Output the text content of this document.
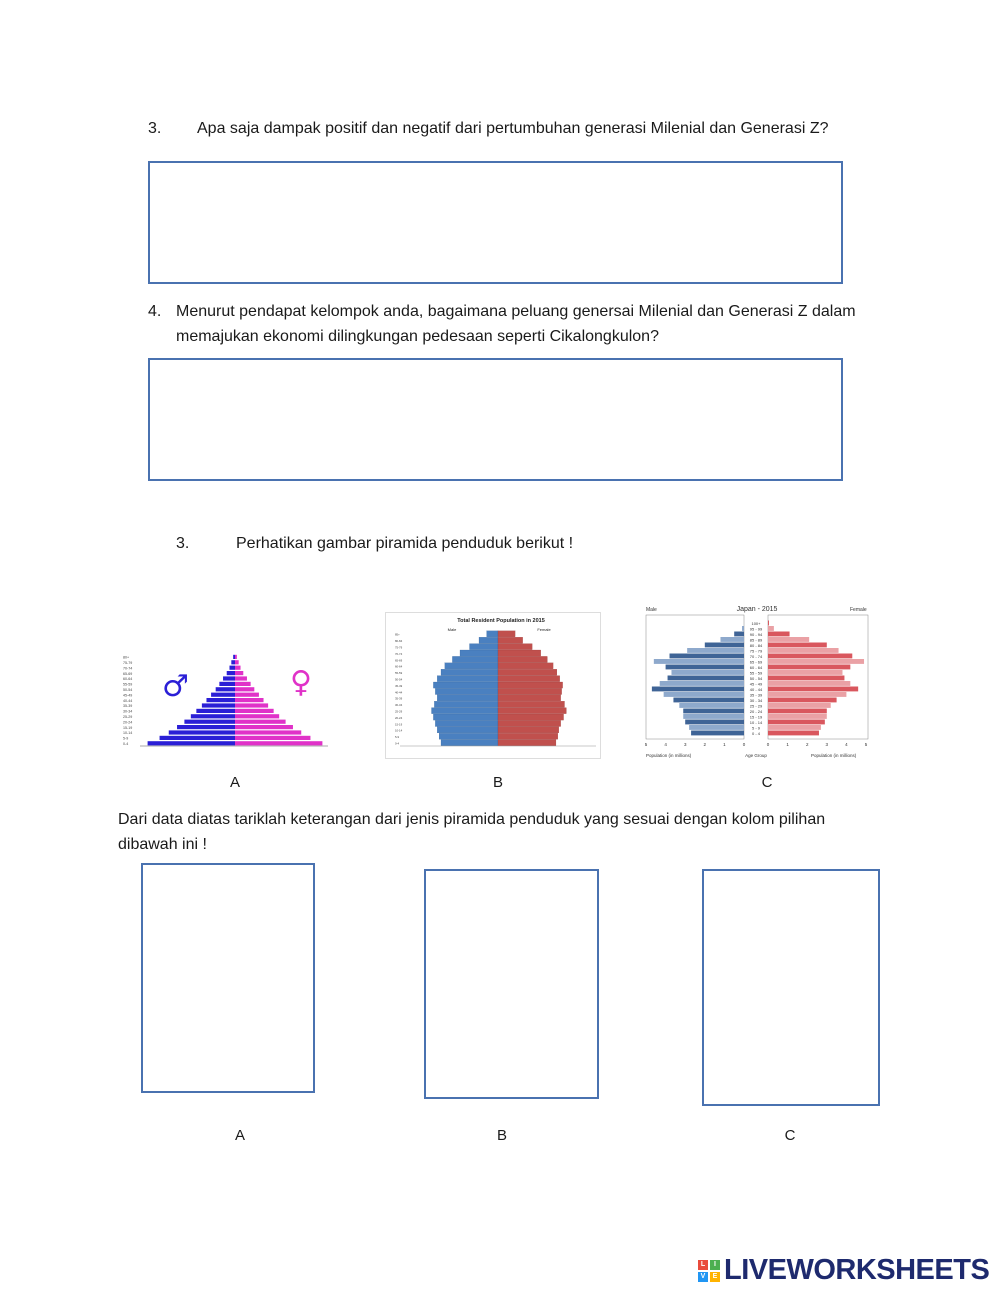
3. Apa saja dampak positif dan negatif dari pertumbuhan generasi Milenial dan Generasi Z?
4. Menurut pendapat kelompok anda, bagaimana peluang genersai Milenial dan Generasi Z dalam
memajukan ekonomi dilingkungan pedesaan seperti Cikalongkulon?
3.	Perhatikan gambar piramida penduduk berikut !
♂	♀
0-4
5-9
10-14
15-19
20-24
25-29
30-34
35-39
40-44
45-49
50-54
55-59
60-64
65-69
70-74
75-79
80+
Total Resident Population in 2015
Male	Female
0-4
5-9
10-14
15-19
20-24
25-29
30-34
35-39
40-44
45-49
50-54
55-59
60-64
65-69
70-74
75-79
80-84
85+
Japan - 2015
Male	Female
0 - 4
5 - 9
10 - 14
15 - 19
20 - 24
25 - 29
30 - 34
35 - 39
40 - 44
45 - 49
50 - 54
55 - 59
60 - 64
65 - 69
70 - 74
75 - 79
80 - 84
85 - 89
90 - 94
95 - 99
100+
5	4	3	2	1	0	0	1	2	3	4	5
Population (in millions)	Age Group	Population (in millions)
A	B	C
Dari data diatas tariklah keterangan dari jenis piramida penduduk yang sesuai dengan kolom pilihan
dibawah ini !
A	B	C
L	I
V	E LIVEWORKSHEETS
